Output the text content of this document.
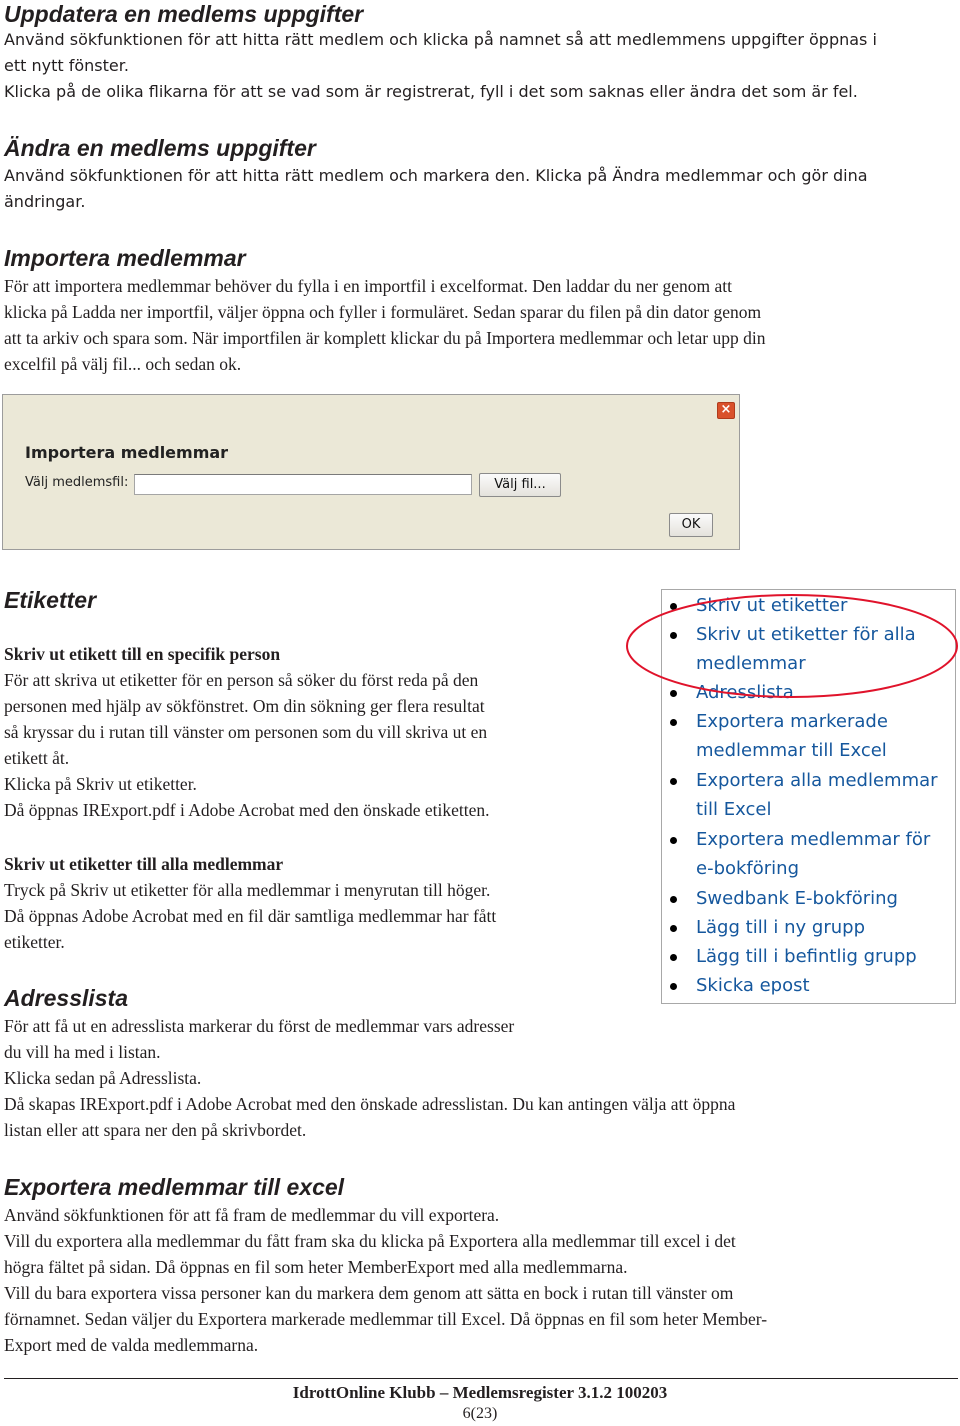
Uppdatera en medlems uppgifter
Använd sökfunktionen för att hitta rätt medlem och klicka på namnet så att medlemmens uppgifter öppnas i
ett nytt fönster.
Klicka på de olika flikarna för att se vad som är registrerat, fyll i det som saknas eller ändra det som är fel.
Ändra en medlems uppgifter
Använd sökfunktionen för att hitta rätt medlem och markera den. Klicka på Ändra medlemmar och gör dina
ändringar.
Importera medlemmar
För att importera medlemmar behöver du fylla i en importfil i excelformat. Den laddar du ner genom att
klicka på Ladda ner importfil, väljer öppna och fyller i formuläret. Sedan sparar du filen på din dator genom
att ta arkiv och spara som. När importfilen är komplett klickar du på Importera medlemmar och letar upp din
excelfil på välj fil... och sedan ok.
×
Importera medlemmar
Välj medlemsfil:	Välj fil...
OK
Etiketter
Skriv ut etikett till en specifik person
För att skriva ut etiketter för en person så söker du först reda på den
personen med hjälp av sökfönstret. Om din sökning ger flera resultat
så kryssar du i rutan till vänster om personen som du vill skriva ut en
etikett åt.
Klicka på Skriv ut etiketter.
Då öppnas IRExport.pdf i Adobe Acrobat med den önskade etiketten.
Skriv ut etiketter till alla medlemmar
Tryck på Skriv ut etiketter för alla medlemmar i menyrutan till höger.
Då öppnas Adobe Acrobat med en fil där samtliga medlemmar har fått
etiketter.
Skriv ut etiketter
Skriv ut etiketter för alla
medlemmar
Adresslista
Exportera markerade
medlemmar till Excel
Exportera alla medlemmar
till Excel
Exportera medlemmar för
e-bokföring
Swedbank E-bokföring
Lägg till i ny grupp
Lägg till i befintlig grupp
Skicka epost
Adresslista
För att få ut en adresslista markerar du först de medlemmar vars adresser
du vill ha med i listan.
Klicka sedan på Adresslista.
Då skapas IRExport.pdf i Adobe Acrobat med den önskade adresslistan. Du kan antingen välja att öppna
listan eller att spara ner den på skrivbordet.
Exportera medlemmar till excel
Använd sökfunktionen för att få fram de medlemmar du vill exportera.
Vill du exportera alla medlemmar du fått fram ska du klicka på Exportera alla medlemmar till excel i det
högra fältet på sidan. Då öppnas en fil som heter MemberExport med alla medlemmarna.
Vill du bara exportera vissa personer kan du markera dem genom att sätta en bock i rutan till vänster om
förnamnet. Sedan väljer du Exportera markerade medlemmar till Excel. Då öppnas en fil som heter Member-
Export med de valda medlemmarna.
IdrottOnline Klubb – Medlemsregister 3.1.2 100203
6(23)
